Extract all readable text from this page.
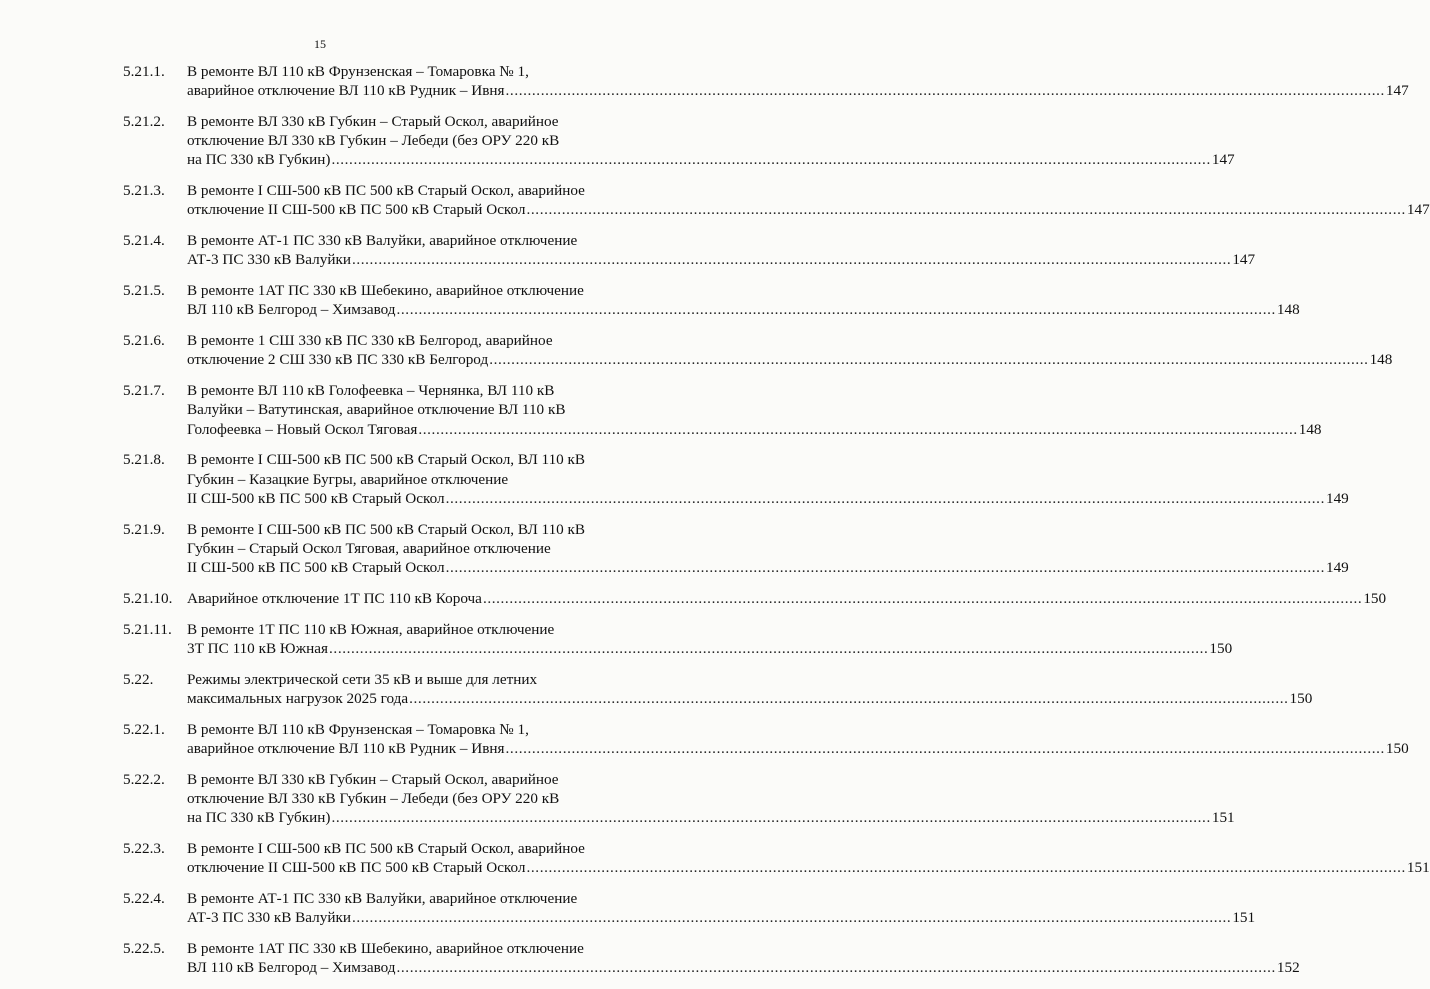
15
5.21.1.	В ремонте ВЛ 110 кВ Фрунзенская – Томаровка № 1,
аварийное отключение ВЛ 110 кВ Рудник – Ивня ........................................................................................................................................................................................................ 147
5.21.2.	В ремонте ВЛ 330 кВ Губкин – Старый Оскол, аварийное
отключение ВЛ 330 кВ Губкин – Лебеди (без ОРУ 220 кВ
на ПС 330 кВ Губкин) ........................................................................................................................................................................................................ 147
5.21.3.	В ремонте I СШ-500 кВ ПС 500 кВ Старый Оскол, аварийное
отключение II СШ-500 кВ ПС 500 кВ Старый Оскол ........................................................................................................................................................................................................ 147
5.21.4.	В ремонте АТ-1 ПС 330 кВ Валуйки, аварийное отключение
АТ-3 ПС 330 кВ Валуйки ........................................................................................................................................................................................................ 147
5.21.5.	В ремонте 1АТ ПС 330 кВ Шебекино, аварийное отключение
ВЛ 110 кВ Белгород – Химзавод ........................................................................................................................................................................................................ 148
5.21.6.	В ремонте 1 СШ 330 кВ ПС 330 кВ Белгород, аварийное
отключение 2 СШ 330 кВ ПС 330 кВ Белгород ........................................................................................................................................................................................................ 148
5.21.7.	В ремонте ВЛ 110 кВ Голофеевка – Чернянка, ВЛ 110 кВ
Валуйки – Ватутинская, аварийное отключение ВЛ 110 кВ
Голофеевка – Новый Оскол Тяговая ........................................................................................................................................................................................................ 148
5.21.8.	В ремонте I СШ-500 кВ ПС 500 кВ Старый Оскол, ВЛ 110 кВ
Губкин – Казацкие Бугры, аварийное отключение
II СШ-500 кВ ПС 500 кВ Старый Оскол ........................................................................................................................................................................................................ 149
5.21.9.	В ремонте I СШ-500 кВ ПС 500 кВ Старый Оскол, ВЛ 110 кВ
Губкин – Старый Оскол Тяговая, аварийное отключение
II СШ-500 кВ ПС 500 кВ Старый Оскол ........................................................................................................................................................................................................ 149
5.21.10. Аварийное отключение 1Т ПС 110 кВ Короча ........................................................................................................................................................................................................ 150
5.21.11.	В ремонте 1Т ПС 110 кВ Южная, аварийное отключение
3Т ПС 110 кВ Южная ........................................................................................................................................................................................................ 150
5.22.	Режимы электрической сети 35 кВ и выше для летних
максимальных нагрузок 2025 года ........................................................................................................................................................................................................ 150
5.22.1.	В ремонте ВЛ 110 кВ Фрунзенская – Томаровка № 1,
аварийное отключение ВЛ 110 кВ Рудник – Ивня ........................................................................................................................................................................................................ 150
5.22.2.	В ремонте ВЛ 330 кВ Губкин – Старый Оскол, аварийное
отключение ВЛ 330 кВ Губкин – Лебеди (без ОРУ 220 кВ
на ПС 330 кВ Губкин) ........................................................................................................................................................................................................ 151
5.22.3.	В ремонте I СШ-500 кВ ПС 500 кВ Старый Оскол, аварийное
отключение II СШ-500 кВ ПС 500 кВ Старый Оскол ........................................................................................................................................................................................................ 151
5.22.4.	В ремонте АТ-1 ПС 330 кВ Валуйки, аварийное отключение
АТ-3 ПС 330 кВ Валуйки ........................................................................................................................................................................................................ 151
5.22.5.	В ремонте 1АТ ПС 330 кВ Шебекино, аварийное отключение
ВЛ 110 кВ Белгород – Химзавод ........................................................................................................................................................................................................ 152
